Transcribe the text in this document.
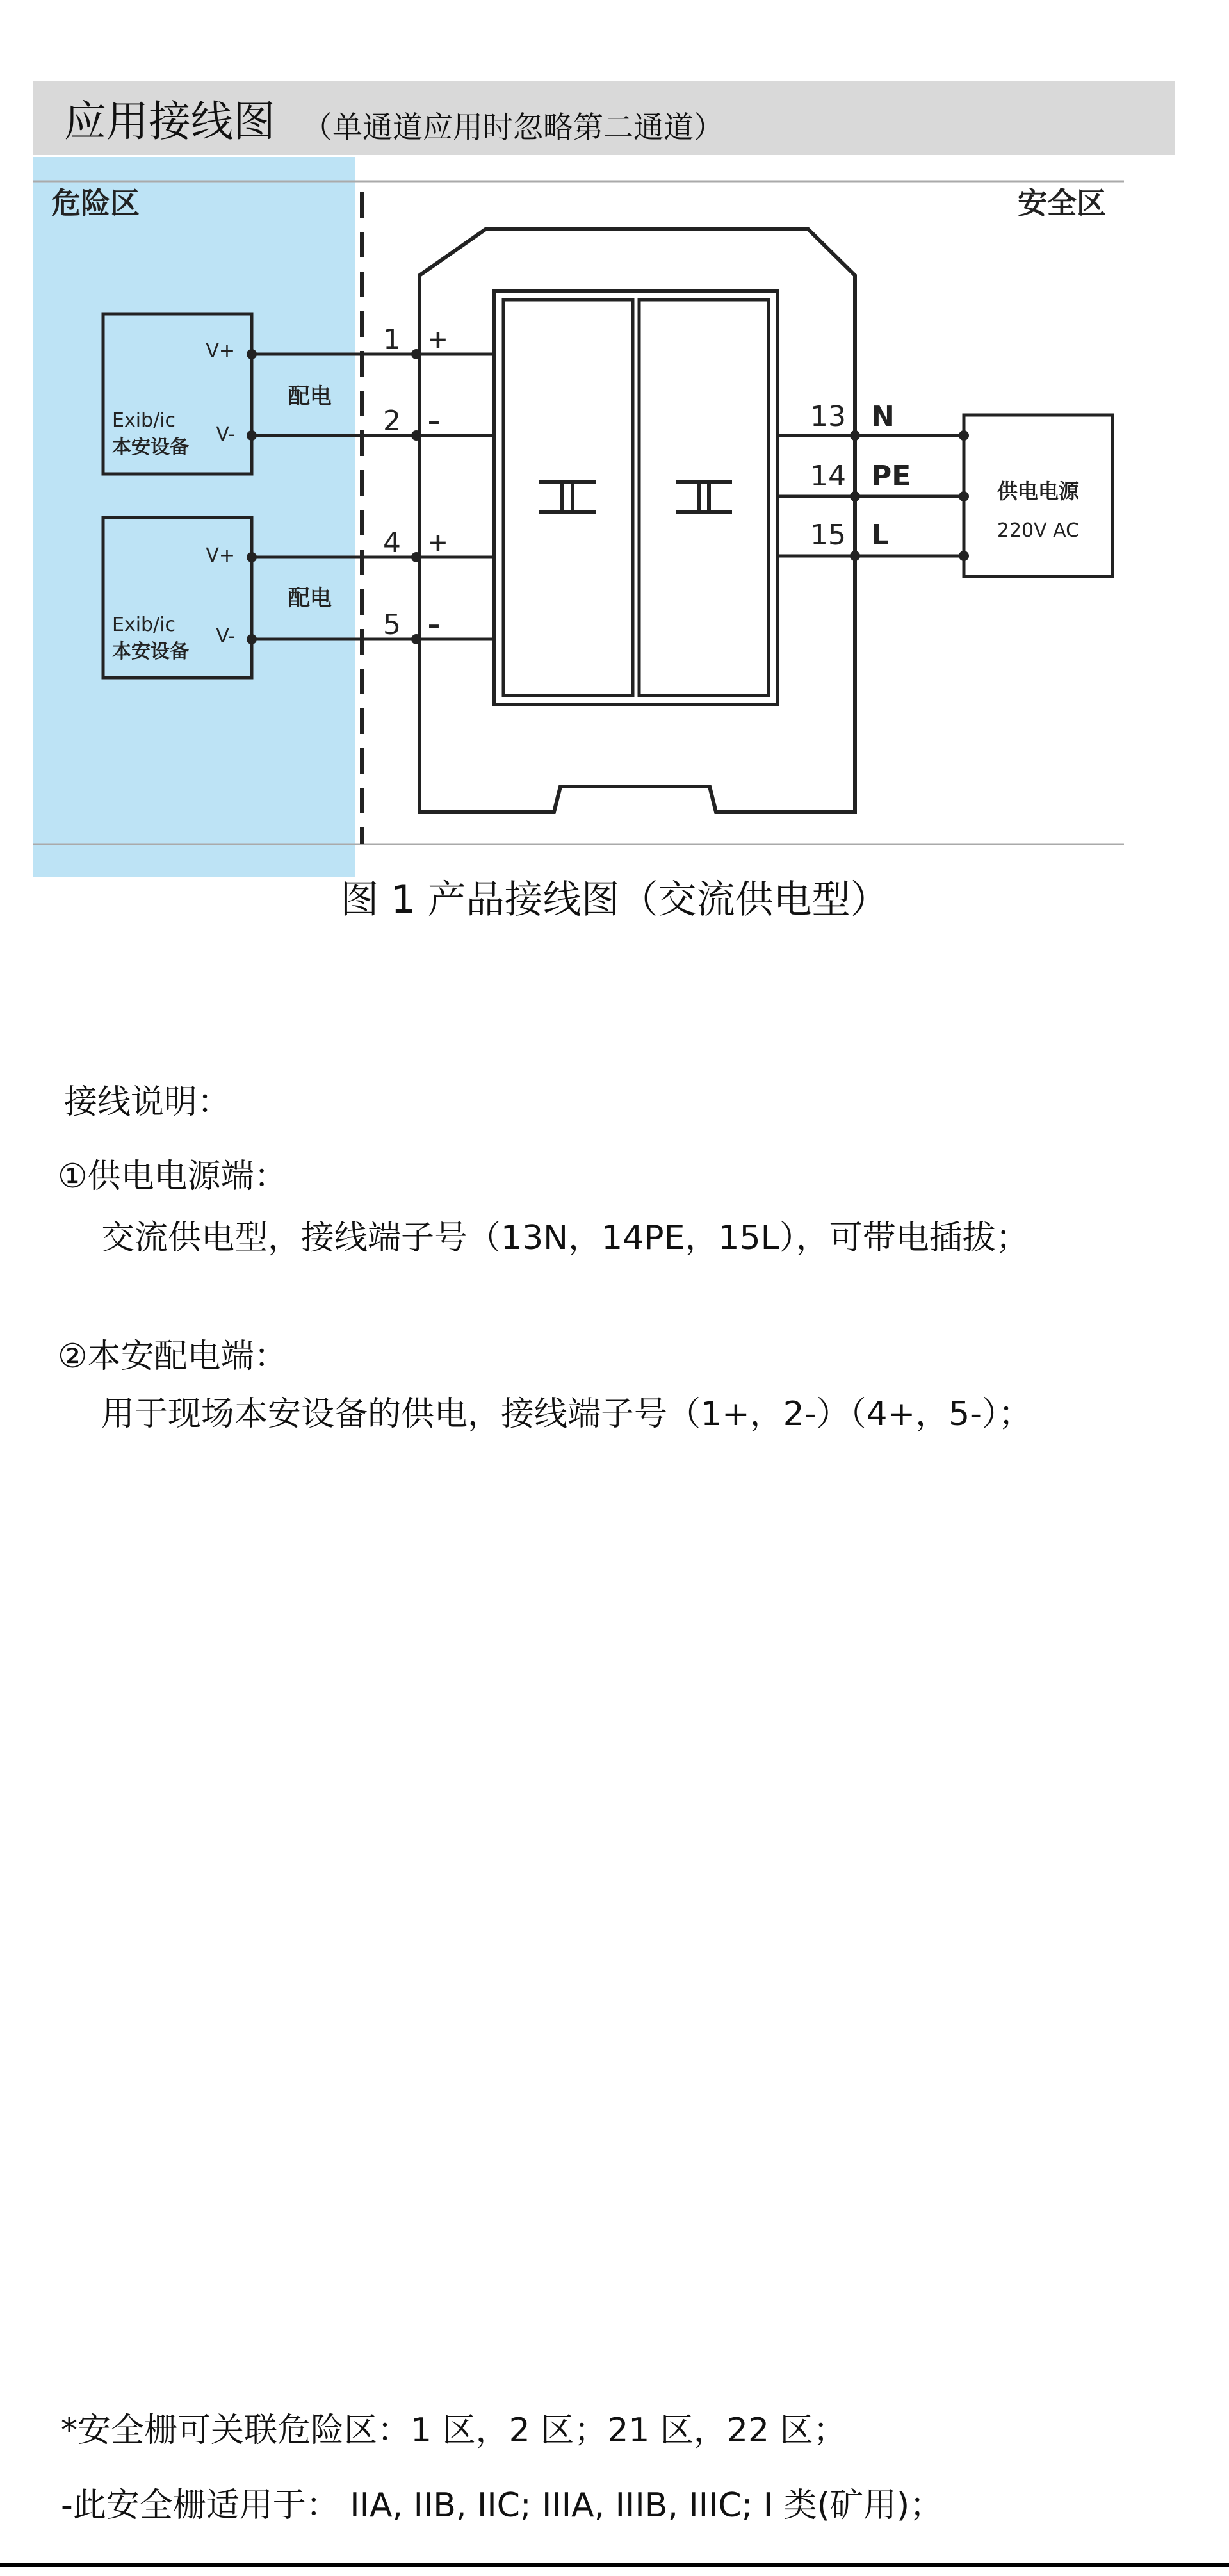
应用接线图 （单通道应用时忽略第二通道）
危险区	安全区
V+
V-
Exib/ic
本安设备
V+
V-
Exib/ic
本安设备
配电
配电
1
2
4
5
+
–
+
–
13
14
15
N
PE
L
供电电源
220V AC
图 1 产品接线图（交流供电型）
接线说明：
①供电电源端：
交流供电型，接线端子号（13N，14PE，15L），可带电插拔；
②本安配电端：
用于现场本安设备的供电，接线端子号（1+，2-）（4+，5-）；
*安全栅可关联危险区：1 区，2 区；21 区，22 区；
-此安全栅适用于： IIA, IIB, IIC; IIIA, IIIB, IIIC; I 类(矿用)；
